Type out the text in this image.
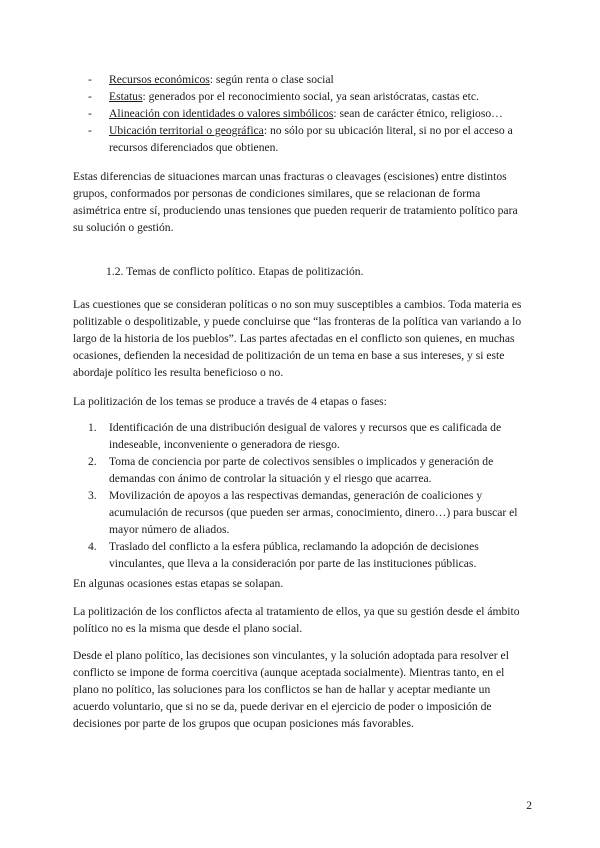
- Recursos económicos: según renta o clase social
- Estatus: generados por el reconocimiento social, ya sean aristócratas, castas etc.
- Alineación con identidades o valores simbólicos: sean de carácter étnico, religioso…
- Ubicación territorial o geográfica: no sólo por su ubicación literal, si no por el acceso a recursos diferenciados que obtienen.

Estas diferencias de situaciones marcan unas fracturas o cleavages (escisiones) entre distintos grupos, conformados por personas de condiciones similares, que se relacionan de forma asimétrica entre sí, produciendo unas tensiones que pueden requerir de tratamiento político para su solución o gestión.

1.2. Temas de conflicto político. Etapas de politización.

Las cuestiones que se consideran políticas o no son muy susceptibles a cambios. Toda materia es politizable o despolitizable, y puede concluirse que “las fronteras de la política van variando a lo largo de la historia de los pueblos”. Las partes afectadas en el conflicto son quienes, en muchas ocasiones, defienden la necesidad de politización de un tema en base a sus intereses, y si este abordaje político les resulta beneficioso o no.

La politización de los temas se produce a través de 4 etapas o fases:

1. Identificación de una distribución desigual de valores y recursos que es calificada de indeseable, inconveniente o generadora de riesgo.
2. Toma de conciencia por parte de colectivos sensibles o implicados y generación de demandas con ánimo de controlar la situación y el riesgo que acarrea.
3. Movilización de apoyos a las respectivas demandas, generación de coaliciones y acumulación de recursos (que pueden ser armas, conocimiento, dinero…) para buscar el mayor número de aliados.
4. Traslado del conflicto a la esfera pública, reclamando la adopción de decisiones vinculantes, que lleva a la consideración por parte de las instituciones públicas.

En algunas ocasiones estas etapas se solapan.

La politización de los conflictos afecta al tratamiento de ellos, ya que su gestión desde el ámbito político no es la misma que desde el plano social.

Desde el plano político, las decisiones son vinculantes, y la solución adoptada para resolver el conflicto se impone de forma coercitiva (aunque aceptada socialmente). Mientras tanto, en el plano no político, las soluciones para los conflictos se han de hallar y aceptar mediante un acuerdo voluntario, que si no se da, puede derivar en el ejercicio de poder o imposición de decisiones por parte de los grupos que ocupan posiciones más favorables.

2
